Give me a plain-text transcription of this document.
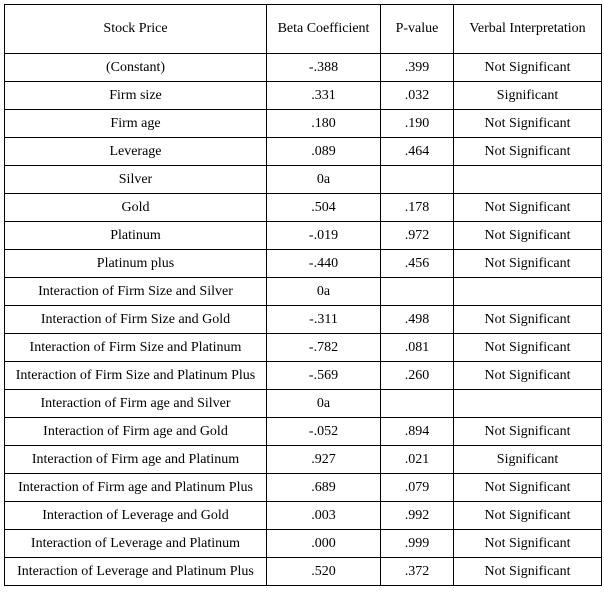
Stock Price	Beta Coefficient	P-value	Verbal Interpretation
(Constant)	-.388	.399	Not Significant
Firm size	.331	.032	Significant
Firm age	.180	.190	Not Significant
Leverage	.089	.464	Not Significant
Silver	0a		
Gold	.504	.178	Not Significant
Platinum	-.019	.972	Not Significant
Platinum plus	-.440	.456	Not Significant
Interaction of Firm Size and Silver	0a		
Interaction of Firm Size and Gold	-.311	.498	Not Significant
Interaction of Firm Size and Platinum	-.782	.081	Not Significant
Interaction of Firm Size and Platinum Plus	-.569	.260	Not Significant
Interaction of Firm age and Silver	0a		
Interaction of Firm age and Gold	-.052	.894	Not Significant
Interaction of Firm age and Platinum	.927	.021	Significant
Interaction of Firm age and Platinum Plus	.689	.079	Not Significant
Interaction of Leverage and Gold	.003	.992	Not Significant
Interaction of Leverage and Platinum	.000	.999	Not Significant
Interaction of Leverage and Platinum Plus	.520	.372	Not Significant
